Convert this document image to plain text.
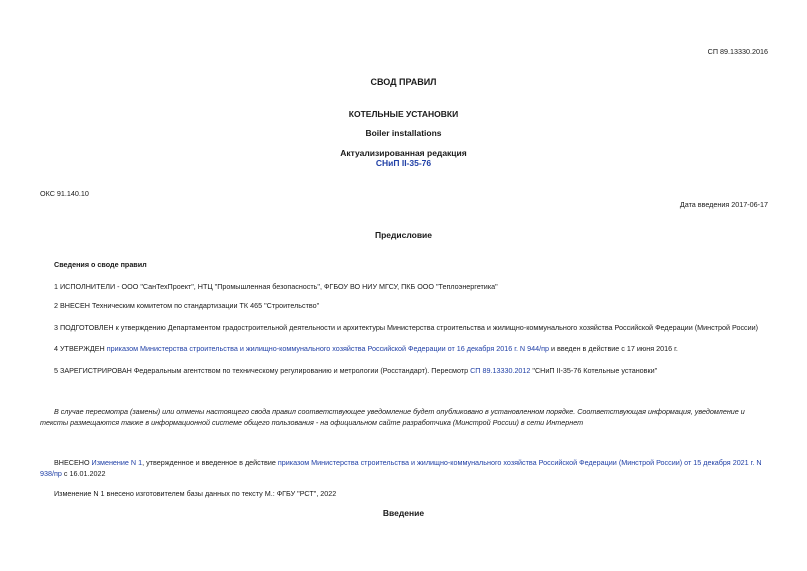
СП 89.13330.2016
СВОД ПРАВИЛ
КОТЕЛЬНЫЕ УСТАНОВКИ
Boiler installations
Актуализированная редакция
СНиП II-35-76
ОКС 91.140.10
Дата введения 2017-06-17
Предисловие
Сведения о своде правил
1 ИСПОЛНИТЕЛИ - ООО "СанТехПроект", НТЦ "Промышленная безопасность", ФГБОУ ВО НИУ МГСУ, ПКБ ООО "Теплоэнергетика"
2 ВНЕСЕН Техническим комитетом по стандартизации ТК 465 "Строительство"
3 ПОДГОТОВЛЕН к утверждению Департаментом градостроительной деятельности и архитектуры Министерства строительства и жилищно-коммунального хозяйства Российской Федерации (Минстрой России)
4 УТВЕРЖДЕН приказом Министерства строительства и жилищно-коммунального хозяйства Российской Федерации от 16 декабря 2016 г. N 944/пр и введен в действие с 17 июня 2016 г.
5 ЗАРЕГИСТРИРОВАН Федеральным агентством по техническому регулированию и метрологии (Росстандарт). Пересмотр СП 89.13330.2012 "СНиП II-35-76 Котельные установки"
В случае пересмотра (замены) или отмены настоящего свода правил соответствующее уведомление будет опубликовано в установленном порядке. Соответствующая информация, уведомление и тексты размещаются также в информационной системе общего пользования - на официальном сайте разработчика (Минстрой России) в сети Интернет
ВНЕСЕНО Изменение N 1, утвержденное и введенное в действие приказом Министерства строительства и жилищно-коммунального хозяйства Российской Федерации (Минстрой России) от 15 декабря 2021 г. N 938/пр с 16.01.2022
Изменение N 1 внесено изготовителем базы данных по тексту М.: ФГБУ "РСТ", 2022
Введение
